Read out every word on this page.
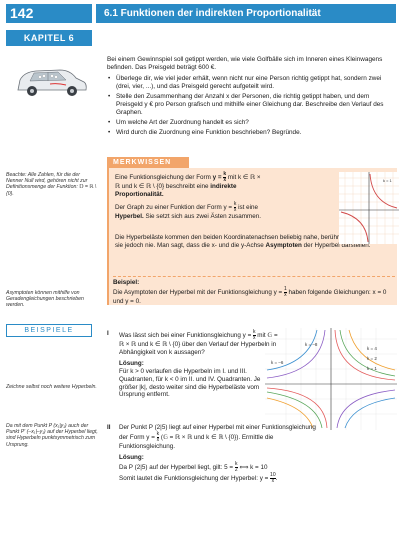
142	6.1 Funktionen der indirekten Proportionalität
KAPITEL 6

Bei einem Gewinnspiel soll getippt werden, wie viele Golfbälle sich im Inneren eines Kleinwagens befinden. Das Preisgeld beträgt 600 €.

• Überlege dir, wie viel jeder erhält, wenn nicht nur eine Person richtig getippt hat, sondern zwei (drei, vier, ...), und das Preisgeld gerecht aufgeteilt wird.
• Stelle den Zusammenhang der Anzahl x der Personen, die richtig getippt haben, und dem Preisgeld y € pro Person grafisch und mithilfe einer Gleichung dar. Beschreibe den Verlauf des Graphen.
• Um welche Art der Zuordnung handelt es sich?
• Wird durch die Zuordnung eine Funktion beschrieben? Begründe.
Beachte: Alle Zahlen, für die der Nenner Null wird, gehören nicht zur Definitionsmenge der Funktion: 𝔻 = ℝ \ {0}.
Asymptoten können mithilfe von Geradengleichungen beschrieben werden.
Zeichne selbst noch weitere Hyperbeln.
Da mit dem Punkt P (x₁|y₁) auch der Punkt P' (–x₁|–y₁) auf der Hyperbel liegt, sind Hyperbeln punktsymmetrisch zum Ursprung.
MERKWISSEN

Eine Funktionsgleichung der Form $y = \frac{k}{x}$ mit k ∈ ℝ × ℝ und k ∈ ℝ \ {0} beschreibt eine indirekte Proportionalität.

Der Graph zu einer Funktion der Form $y = \frac{k}{x}$ ist eine Hyperbel. Sie setzt sich aus zwei Ästen zusammen.

Die Hyperbeläste kommen den beiden Koordinatenachsen beliebig nahe, berühren oder schneiden sie jedoch nie. Man sagt, dass die x- und die y-Achse Asymptoten der Hyperbel darstellen.
k = 1
Beispiel:
Die Asymptoten der Hyperbel mit der Funktionsgleichung $y = \frac{1}{x}$ haben folgende Gleichungen: x = 0 und y = 0.
BEISPIELE	I Was lässt sich bei einer Funktionsgleichung $y = \frac{k}{x}$ mit 𝔾 = ℝ × ℝ und k ∈ ℝ \ {0} über den Verlauf der Hyperbeln in Abhängigkeit von k aussagen?
Lösung:
Für k > 0 verlaufen die Hyperbeln im I. und III. Quadranten, für k < 0 im II. und IV. Quadranten. Je größer |k|, desto weiter sind die Hyperbeläste vom Ursprung entfernt.
k = –8
k = –6
k = 4
k = 2
k = 1
II Der Punkt P (2|5) liegt auf einer Hyperbel mit einer Funktionsgleichung der Form $y = \frac{k}{x}$ (𝔾 = ℝ × ℝ und k ∈ ℝ \ {0}). Ermittle die Funktionsgleichung.
Lösung:
Da P (2|5) auf der Hyperbel liegt, gilt: $5 = \frac{k}{2}$ ⟺ k = 10
Somit lautet die Funktionsgleichung der Hyperbel: $y = \frac{10}{x}$ .
